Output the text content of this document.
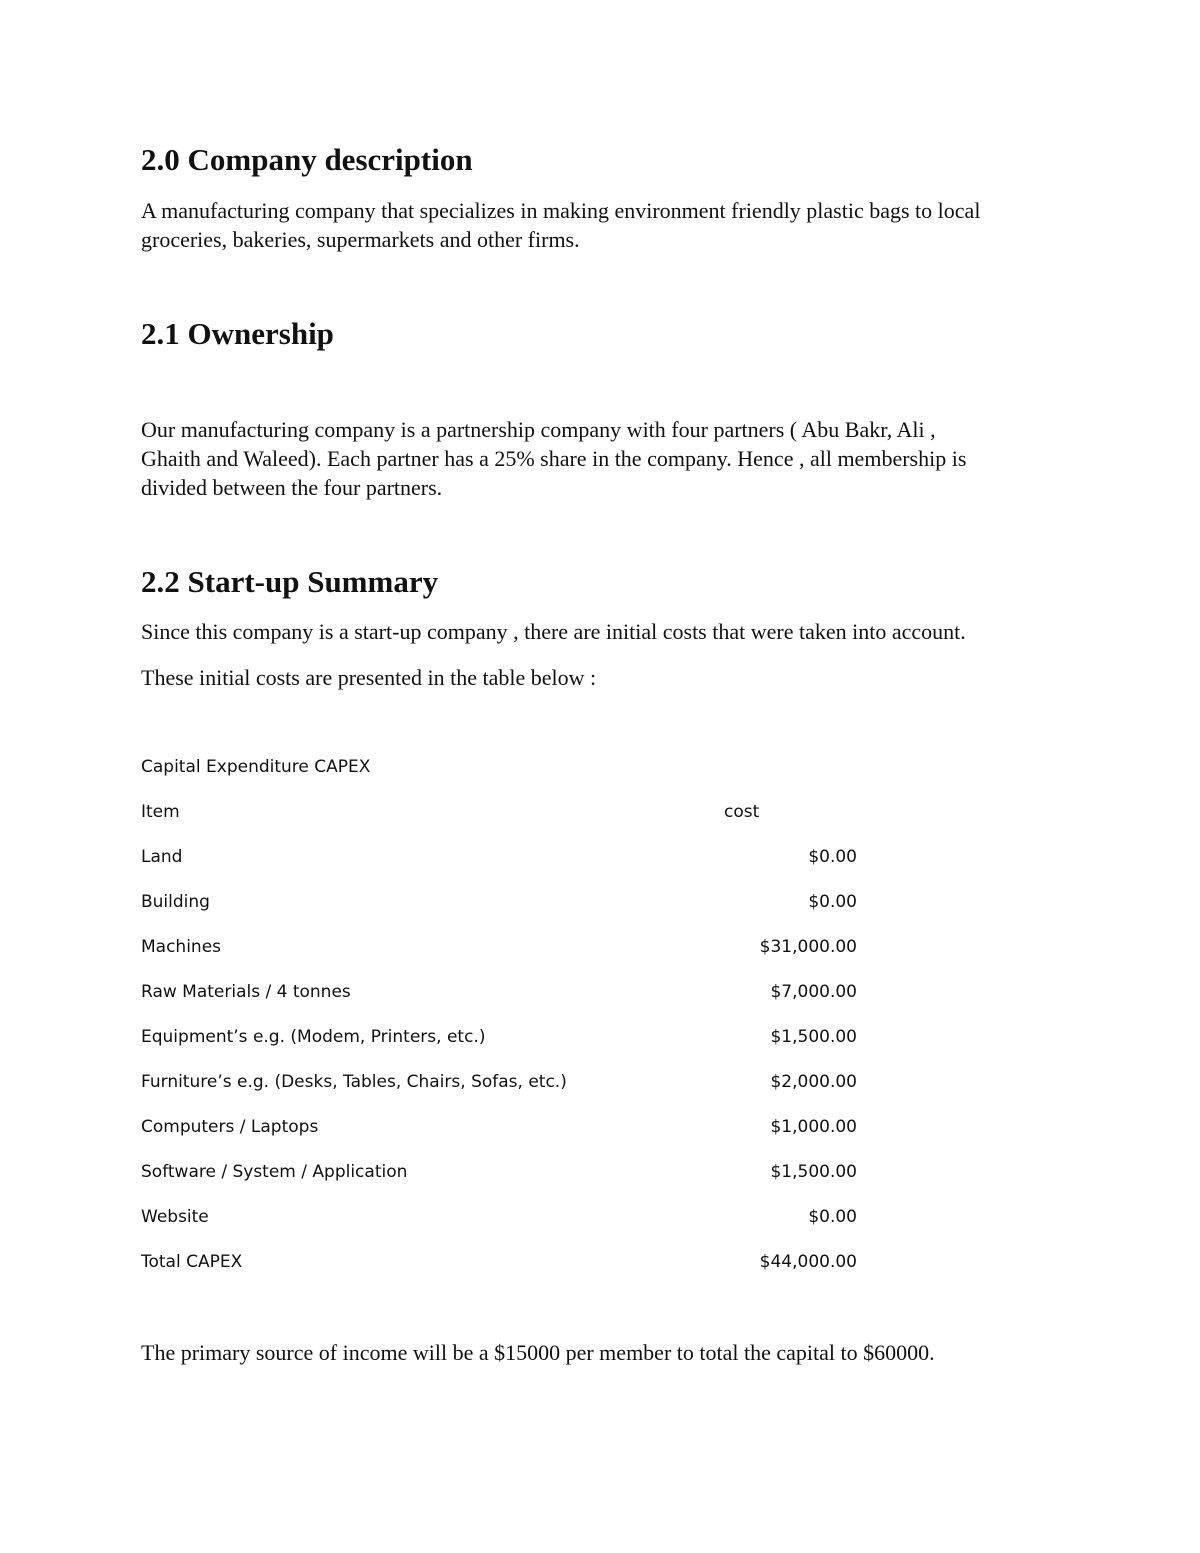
2.0 Company description

A manufacturing company that specializes in making environment friendly plastic bags to local

groceries, bakeries, supermarkets and other firms.

2.1 Ownership

Our manufacturing company is a partnership company with four partners ( Abu Bakr, Ali ,

Ghaith and Waleed). Each partner has a 25% share in the company. Hence , all membership is

divided between the four partners.

2.2 Start-up Summary

Since this company is a start-up company , there are initial costs that were taken into account.

These initial costs are presented in the table below :

Capital Expenditure CAPEX
Item	cost
Land	$0.00
Building	$0.00
Machines	$31,000.00
Raw Materials / 4 tonnes	$7,000.00
Equipment’s e.g. (Modem, Printers, etc.)	$1,500.00
Furniture’s e.g. (Desks, Tables, Chairs, Sofas, etc.)	$2,000.00
Computers / Laptops	$1,000.00
Software / System / Application	$1,500.00
Website	$0.00
Total CAPEX	$44,000.00

The primary source of income will be a $15000 per member to total the capital to $60000.
